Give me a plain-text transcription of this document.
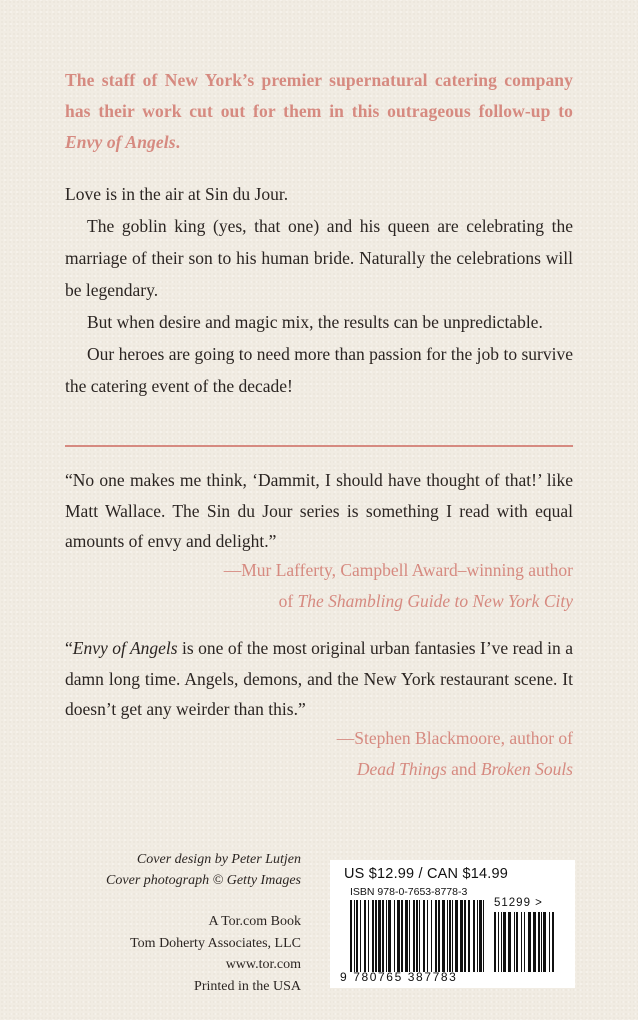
The staff of New York’s premier supernatural catering company has their work cut out for them in this outrageous follow-up to Envy of Angels.

Love is in the air at Sin du Jour.

The goblin king (yes, that one) and his queen are celebrating the marriage of their son to his human bride. Naturally the celebrations will be legendary.

But when desire and magic mix, the results can be unpredictable.

Our heroes are going to need more than passion for the job to survive the catering event of the decade!

“No one makes me think, ‘Dammit, I should have thought of that!’ like Matt Wallace. The Sin du Jour series is something I read with equal amounts of envy and delight.”
—Mur Lafferty, Campbell Award–winning author
of The Shambling Guide to New York City
“Envy of Angels is one of the most original urban fantasies I’ve read in a damn long time. Angels, demons, and the New York restaurant scene. It doesn’t get any weirder than this.”
—Stephen Blackmoore, author of
Dead Things and Broken Souls
Cover design by Peter Lutjen
Cover photograph © Getty Images
A Tor.com Book
Tom Doherty Associates, LLC
www.tor.com
Printed in the USA
US $12.99 / CAN $14.99
ISBN 978-0-7653-8778-3
51299 >
9 780765 387783
